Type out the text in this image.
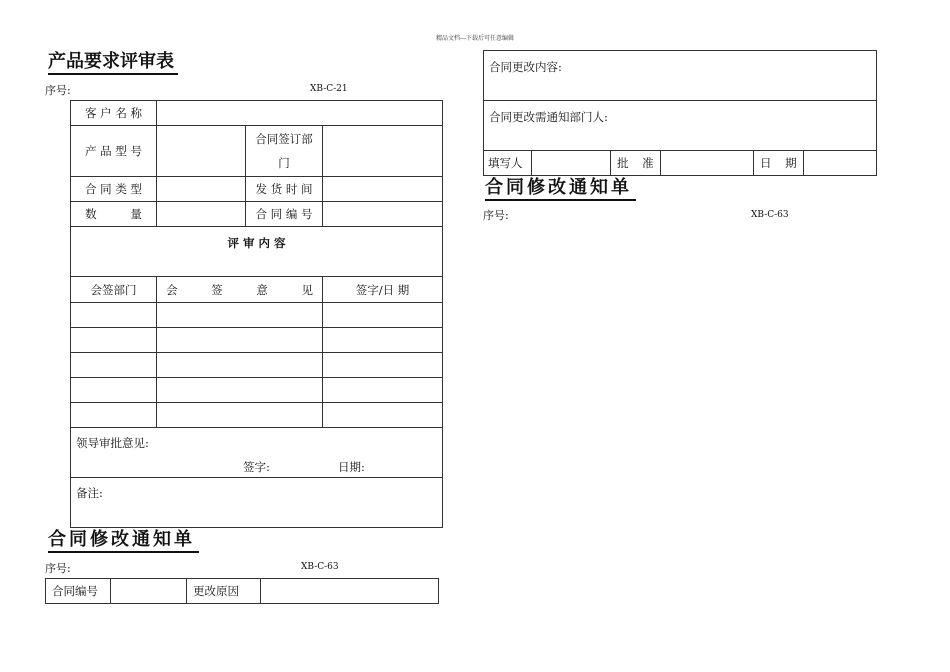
精品文档---下载后可任意编辑
产品要求评审表
序号:	XB-C-21
客 户 名 称			
产 品 型 号		合同签订部门	
合 同 类 型		发 货 时 间	
数 量		合 同 编 号	
评 审 内 容			
会签部门	会 签 意 见		签字/日 期

领导审批意见:
签字: 日期:			

备注:			
合同修改通知单
序号:	XB-C-63
合同编号		更改原因	
合同更改内容:
合同更改需通知部门人:
填写人		批 准		日 期	
合同修改通知单
序号:	XB-C-63
